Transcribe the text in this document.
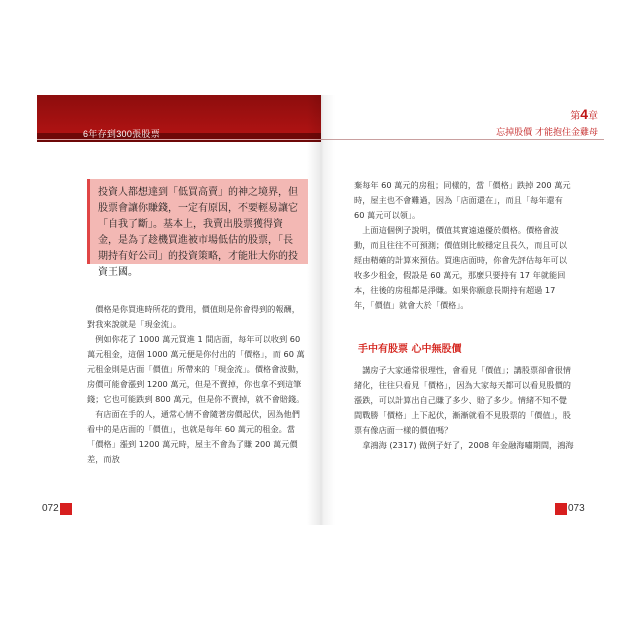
6年存到300張股票
第4章
忘掉股價 才能抱住金雞母
投資人都想達到「低買高賣」的神之境界，但股票會讓你賺錢，一定有原因，不要輕易讓它「自我了斷」。基本上，我賣出股票獲得資金，是為了趁機買進被市場低估的股票，「長期持有好公司」的投資策略，才能壯大你的投資王國。

價格是你買進時所花的費用，價值則是你會得到的報酬，對我來說就是「現金流」。

例如你花了 1000 萬元買進 1 間店面，每年可以收到 60 萬元租金，這個 1000 萬元便是你付出的「價格」，而 60 萬元租金則是店面「價值」所帶來的「現金流」。價格會波動，房價可能會漲到 1200 萬元，但是不賣掉，你也拿不到這筆錢；它也可能跌到 800 萬元，但是你不賣掉，就不會賠錢。

有店面在手的人，通常心情不會隨著房價起伏，因為他們看中的是店面的「價值」，也就是每年 60 萬元的租金。當「價格」漲到 1200 萬元時，屋主不會為了賺 200 萬元價差，而放

棄每年 60 萬元的房租；同樣的，當「價格」跌掉 200 萬元時，屋主也不會難過，因為「店面還在」，而且「每年還有 60 萬元可以領」。

上面這個例子說明，價值其實遠遠優於價格。價格會波動，而且往往不可預測；價值則比較穩定且長久，而且可以經由精確的計算來預估。買進店面時，你會先評估每年可以收多少租金，假設是 60 萬元，那麼只要持有 17 年就能回本，往後的房租都是淨賺。如果你願意長期持有超過 17 年，「價值」就會大於「價格」。

手中有股票 心中無股價

講房子大家通常很理性，會看見「價值」；講股票卻會很情緒化，往往只看見「價格」，因為大家每天都可以看見股價的漲跌，可以計算出自己賺了多少、賠了多少。情緒不知不覺間戰勝「價格」上下起伏，漸漸就看不見股票的「價值」，股票有像店面一樣的價值嗎？

拿鴻海 (2317) 做例子好了，2008 年金融海嘯期間，鴻海

072	073
